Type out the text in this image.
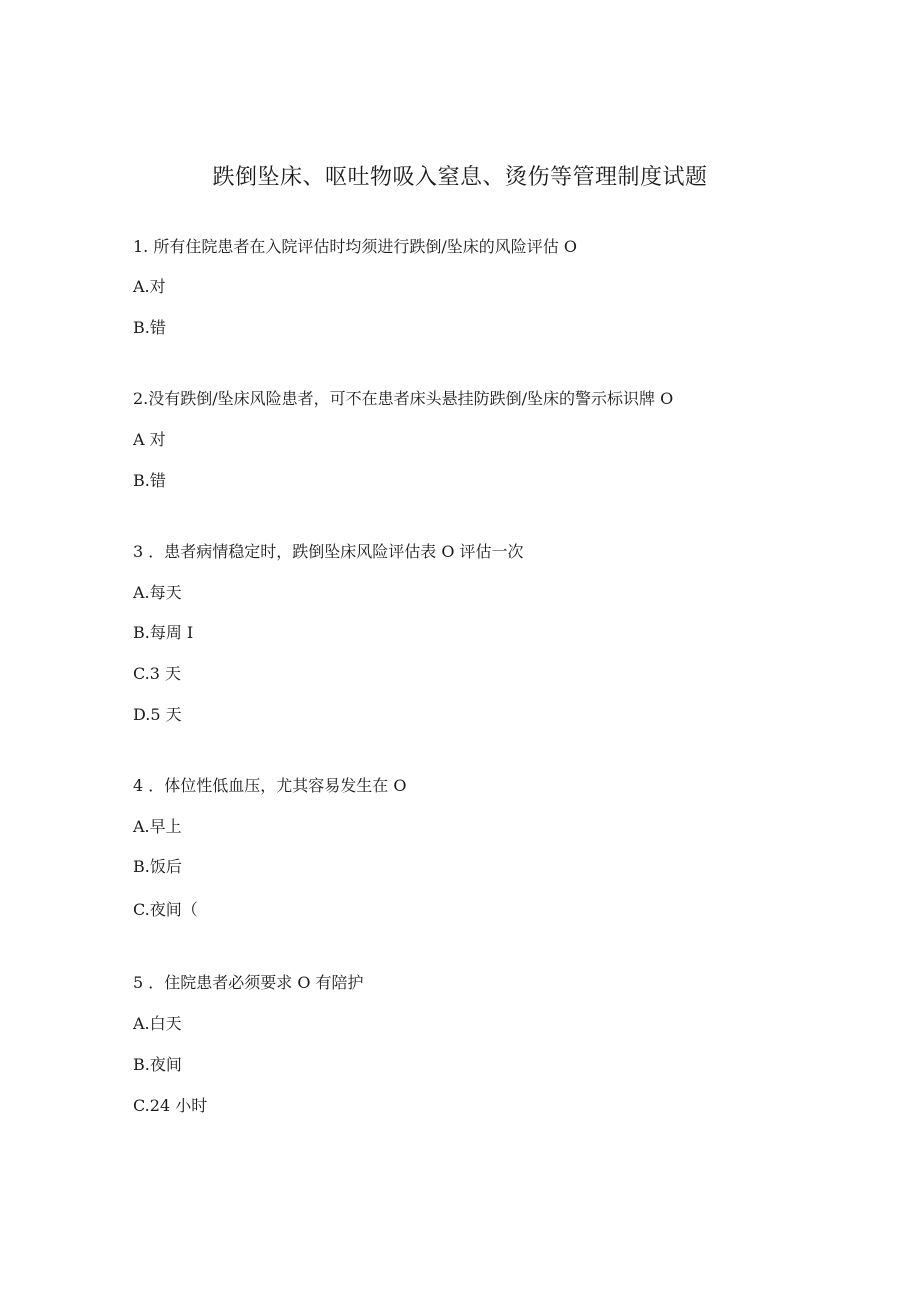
跌倒坠床、呕吐物吸入窒息、烫伤等管理制度试题
1. 所有住院患者在入院评估时均须进行跌倒/坠床的风险评估 O
A.对
B.错
2.没有跌倒/坠床风险患者，可不在患者床头悬挂防跌倒/坠床的警示标识牌 O
A 对
B.错
3 ．患者病情稳定时，跌倒坠床风险评估表 O 评估一次
A.每天
B.每周 I
C.3 天
D.5 天
4 ．体位性低血压，尤其容易发生在 O
A.早上
B.饭后
C.夜间（
5 ．住院患者必须要求 O 有陪护
A.白天
B.夜间
C.24 小时
